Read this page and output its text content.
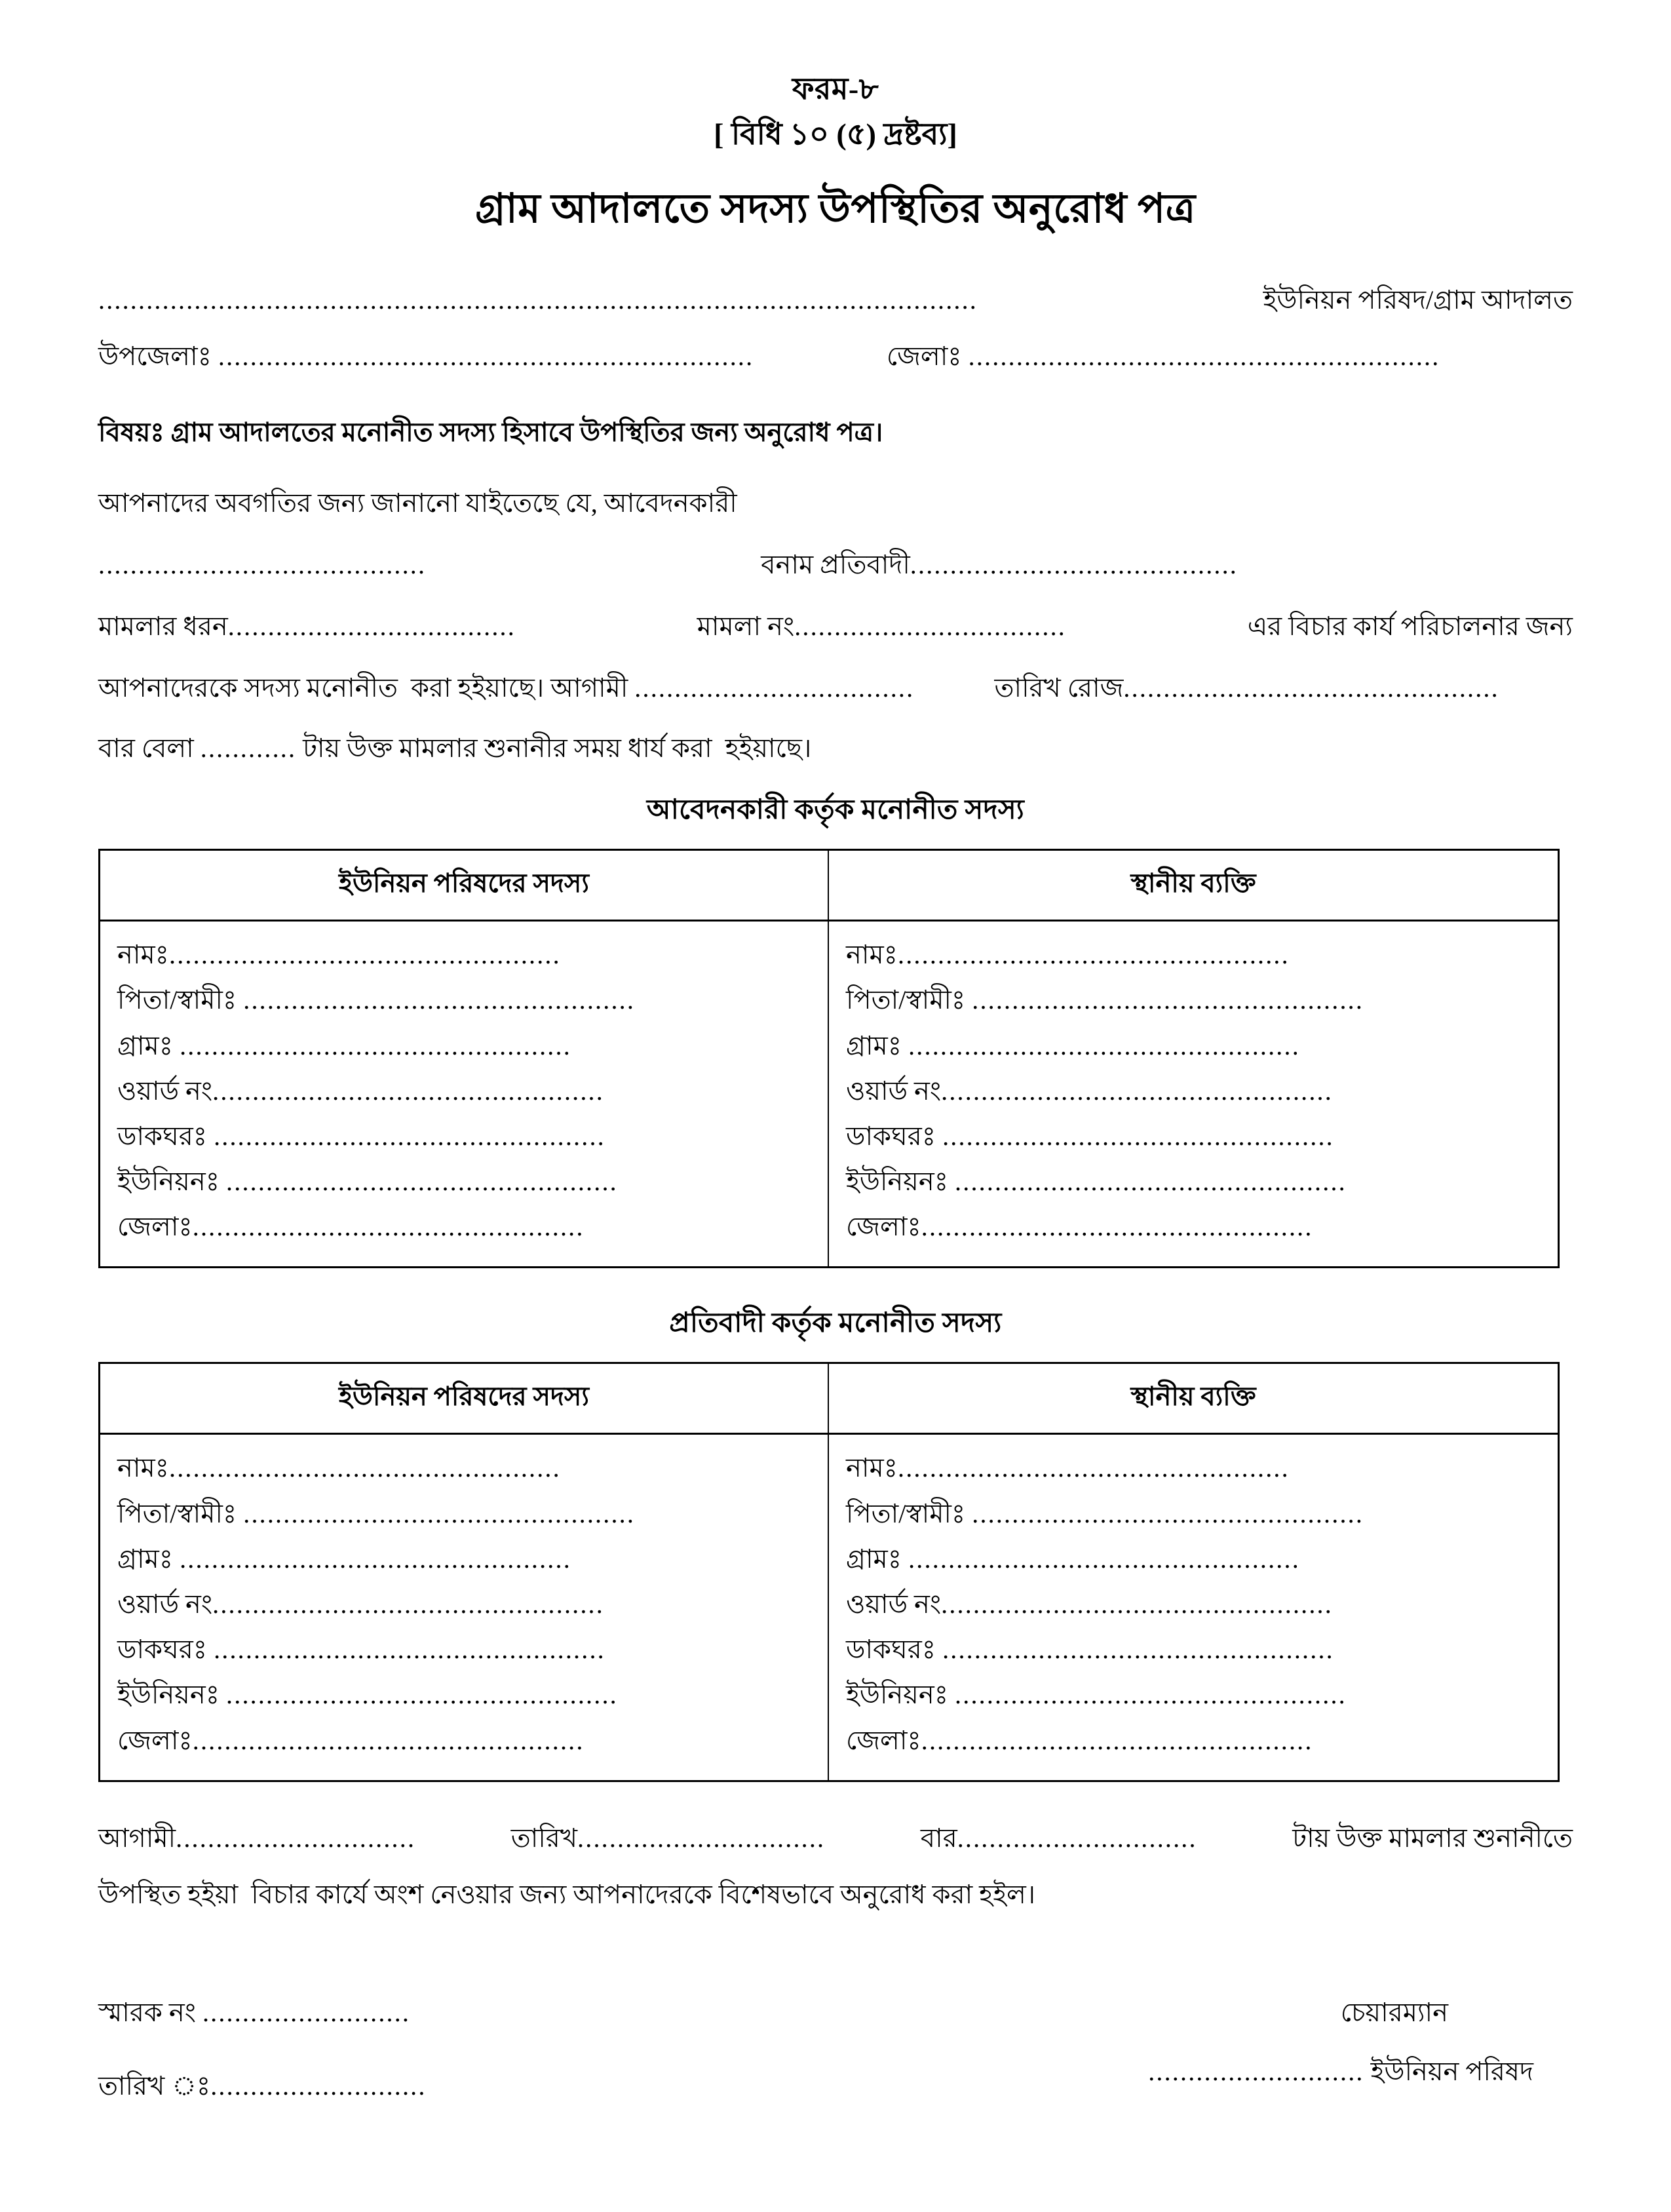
ফরম-৮
[ বিধি ১০ (৫) দ্রষ্টব্য]
গ্রাম আদালতে সদস্য উপস্থিতির অনুরোধ পত্র
..............................................................................................................	ইউনিয়ন পরিষদ/গ্রাম আদালত
উপজেলাঃ ...................................................................	জেলাঃ ...........................................................
বিষয়ঃ গ্রাম আদালতের মনোনীত সদস্য হিসাবে উপস্থিতির জন্য অনুরোধ পত্র।
আপনাদের অবগতির জন্য জানানো যাইতেছে যে, আবেদনকারী
.........................................	বনাম প্রতিবাদী .........................................
মামলার ধরন ....................................	মামলা নং ..................................	এর বিচার কার্য পরিচালনার জন্য
আপনাদেরকে সদস্য মনোনীত  করা হইয়াছে। আগামী ...................................	তারিখ রোজ ...............................................
বার বেলা ............ টায় উক্ত মামলার শুনানীর সময় ধার্য করা  হইয়াছে।
আবেদনকারী কর্তৃক মনোনীত সদস্য
ইউনিয়ন পরিষদের সদস্য	স্থানীয় ব্যক্তি
নামঃ .................................................
পিতা/স্বামীঃ .................................................
গ্রামঃ .................................................
ওয়ার্ড নং .................................................
ডাকঘরঃ .................................................
ইউনিয়নঃ .................................................
জেলাঃ .................................................
নামঃ .................................................
পিতা/স্বামীঃ .................................................
গ্রামঃ .................................................
ওয়ার্ড নং .................................................
ডাকঘরঃ .................................................
ইউনিয়নঃ .................................................
জেলাঃ .................................................
প্রতিবাদী কর্তৃক মনোনীত সদস্য
ইউনিয়ন পরিষদের সদস্য	স্থানীয় ব্যক্তি
নামঃ .................................................
পিতা/স্বামীঃ .................................................
গ্রামঃ .................................................
ওয়ার্ড নং .................................................
ডাকঘরঃ .................................................
ইউনিয়নঃ .................................................
জেলাঃ .................................................
নামঃ .................................................
পিতা/স্বামীঃ .................................................
গ্রামঃ .................................................
ওয়ার্ড নং .................................................
ডাকঘরঃ .................................................
ইউনিয়নঃ .................................................
জেলাঃ .................................................
আগামী ..............................	তারিখ ...............................	বার ..............................	টায় উক্ত মামলার শুনানীতে
উপস্থিত হইয়া  বিচার কার্যে অংশ নেওয়ার জন্য আপনাদেরকে বিশেষভাবে অনুরোধ করা হইল।
স্মারক নং ..........................
তারিখ ঃ...........................
চেয়ারম্যান
........................... ইউনিয়ন পরিষদ
